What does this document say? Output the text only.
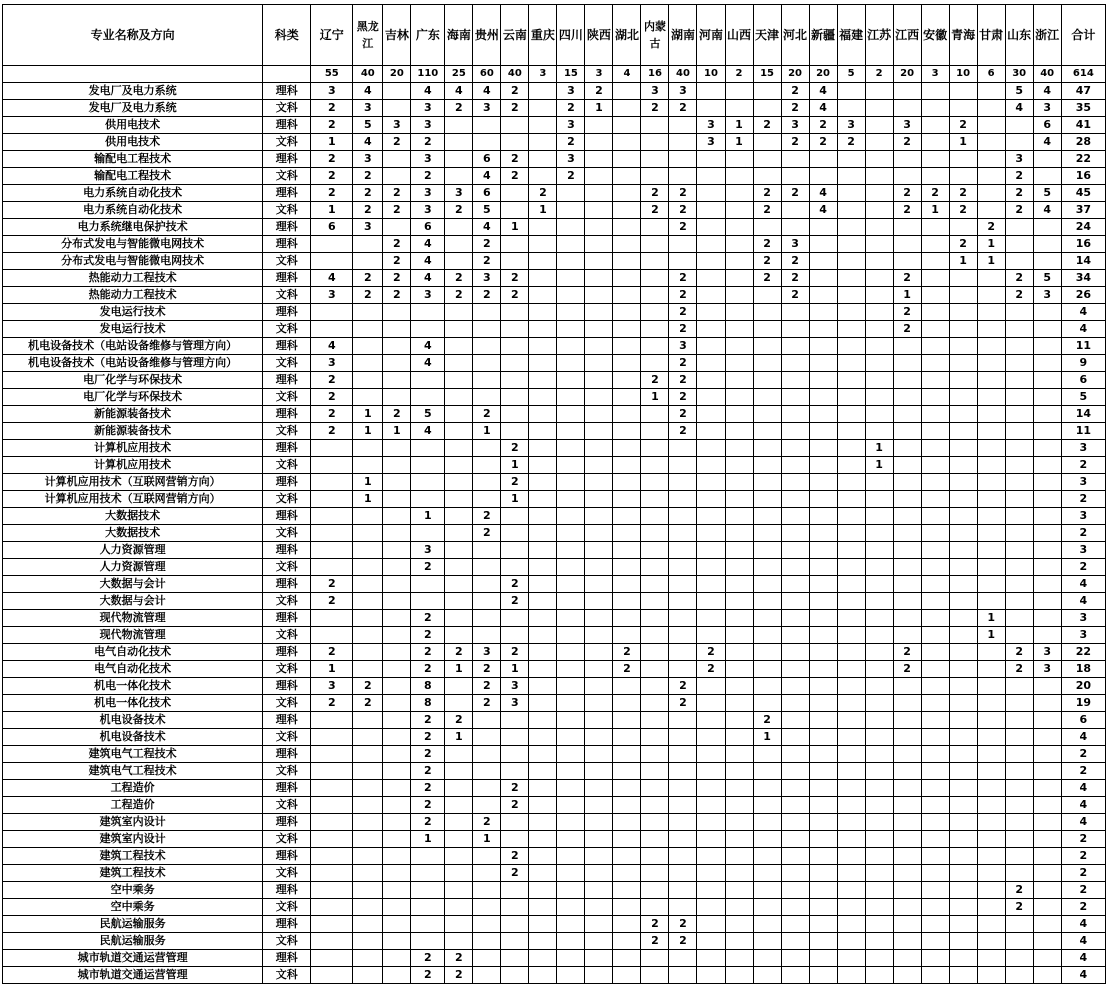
专业名称及方向	科类	辽宁	黑龙江	吉林	广东	海南	贵州	云南	重庆	四川	陕西	湖北	内蒙古	湖南	河南	山西	天津	河北	新疆	福建	江苏	江西	安徽	青海	甘肃	山东	浙江	合计
		55	40	20	110	25	60	40	3	15	3	4	16	40	10	2	15	20	20	5	2	20	3	10	6	30	40	614
发电厂及电力系统	理科	3	4		4	4	4	2		3	2		3	3				2	4							5	4	47
发电厂及电力系统	文科	2	3		3	2	3	2		2	1		2	2				2	4							4	3	35
供用电技术	理科	2	5	3	3					3					3	1	2	3	2	3		3		2			6	41
供用电技术	文科	1	4	2	2					2					3	1		2	2	2		2		1			4	28
输配电工程技术	理科	2	3		3		6	2		3																3		22
输配电工程技术	文科	2	2		2		4	2		2																2		16
电力系统自动化技术	理科	2	2	2	3	3	6		2				2	2			2	2	4			2	2	2		2	5	45
电力系统自动化技术	文科	1	2	2	3	2	5		1				2	2			2		4			2	1	2		2	4	37
电力系统继电保护技术	理科	6	3		6		4	1						2											2			24
分布式发电与智能微电网技术	理科			2	4		2										2	3						2	1			16
分布式发电与智能微电网技术	文科			2	4		2										2	2						1	1			14
热能动力工程技术	理科	4	2	2	4	2	3	2						2			2	2				2				2	5	34
热能动力工程技术	文科	3	2	2	3	2	2	2						2				2				1				2	3	26
发电运行技术	理科													2								2						4
发电运行技术	文科													2								2						4
机电设备技术（电站设备维修与管理方向）	理科	4			4									3														11
机电设备技术（电站设备维修与管理方向）	文科	3			4									2														9
电厂化学与环保技术	理科	2											2	2														6
电厂化学与环保技术	文科	2											1	2														5
新能源装备技术	理科	2	1	2	5		2							2														14
新能源装备技术	文科	2	1	1	4		1							2														11
计算机应用技术	理科							2													1							3
计算机应用技术	文科							1													1							2
计算机应用技术（互联网营销方向）	理科		1					2																				3
计算机应用技术（互联网营销方向）	文科		1					1																				2
大数据技术	理科				1		2																					3
大数据技术	文科						2																					2
人力资源管理	理科				3																							3
人力资源管理	文科				2																							2
大数据与会计	理科	2						2																				4
大数据与会计	文科	2						2																				4
现代物流管理	理科				2																				1			3
现代物流管理	文科				2																				1			3
电气自动化技术	理科	2			2	2	3	2				2			2							2				2	3	22
电气自动化技术	文科	1			2	1	2	1				2			2							2				2	3	18
机电一体化技术	理科	3	2		8		2	3						2														20
机电一体化技术	文科	2	2		8		2	3						2														19
机电设备技术	理科				2	2											2											6
机电设备技术	文科				2	1											1											4
建筑电气工程技术	理科				2																							2
建筑电气工程技术	文科				2																							2
工程造价	理科				2			2																				4
工程造价	文科				2			2																				4
建筑室内设计	理科				2		2																					4
建筑室内设计	文科				1		1																					2
建筑工程技术	理科							2																				2
建筑工程技术	文科							2																				2
空中乘务	理科																									2		2
空中乘务	文科																									2		2
民航运输服务	理科												2	2														4
民航运输服务	文科												2	2														4
城市轨道交通运营管理	理科				2	2																						4
城市轨道交通运营管理	文科				2	2																						4
